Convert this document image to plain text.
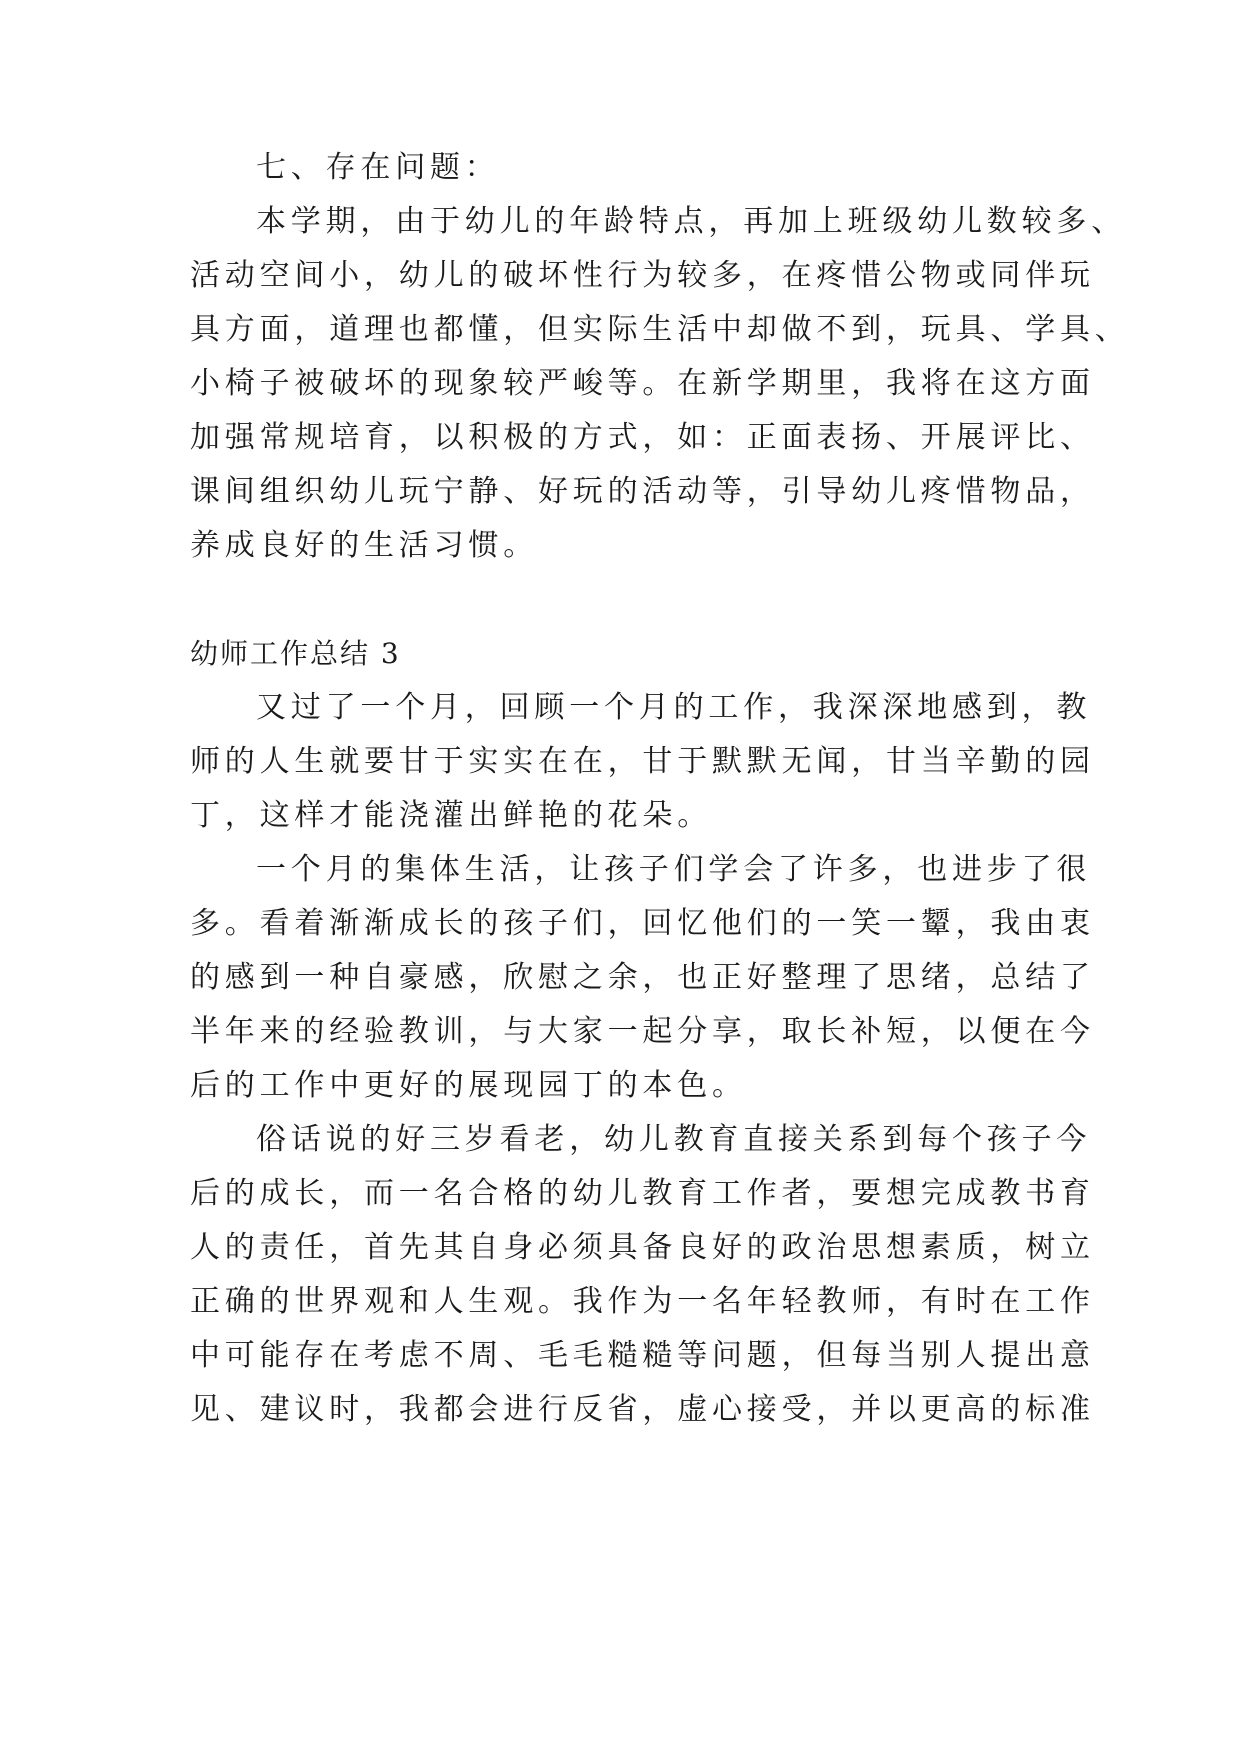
七、存在问题：
本学期，由于幼儿的年龄特点，再加上班级幼儿数较多、
活动空间小，幼儿的破坏性行为较多，在疼惜公物或同伴玩
具方面，道理也都懂，但实际生活中却做不到，玩具、学具、
小椅子被破坏的现象较严峻等。在新学期里，我将在这方面
加强常规培育，以积极的方式，如：正面表扬、开展评比、
课间组织幼儿玩宁静、好玩的活动等，引导幼儿疼惜物品，
养成良好的生活习惯。
幼师工作总结 3
又过了一个月，回顾一个月的工作，我深深地感到，教
师的人生就要甘于实实在在，甘于默默无闻，甘当辛勤的园
丁，这样才能浇灌出鲜艳的花朵。
一个月的集体生活，让孩子们学会了许多，也进步了很
多。看着渐渐成长的孩子们，回忆他们的一笑一颦，我由衷
的感到一种自豪感，欣慰之余，也正好整理了思绪，总结了
半年来的经验教训，与大家一起分享，取长补短，以便在今
后的工作中更好的展现园丁的本色。
俗话说的好三岁看老，幼儿教育直接关系到每个孩子今
后的成长，而一名合格的幼儿教育工作者，要想完成教书育
人的责任，首先其自身必须具备良好的政治思想素质，树立
正确的世界观和人生观。我作为一名年轻教师，有时在工作
中可能存在考虑不周、毛毛糙糙等问题，但每当别人提出意
见、建议时，我都会进行反省，虚心接受，并以更高的标准
